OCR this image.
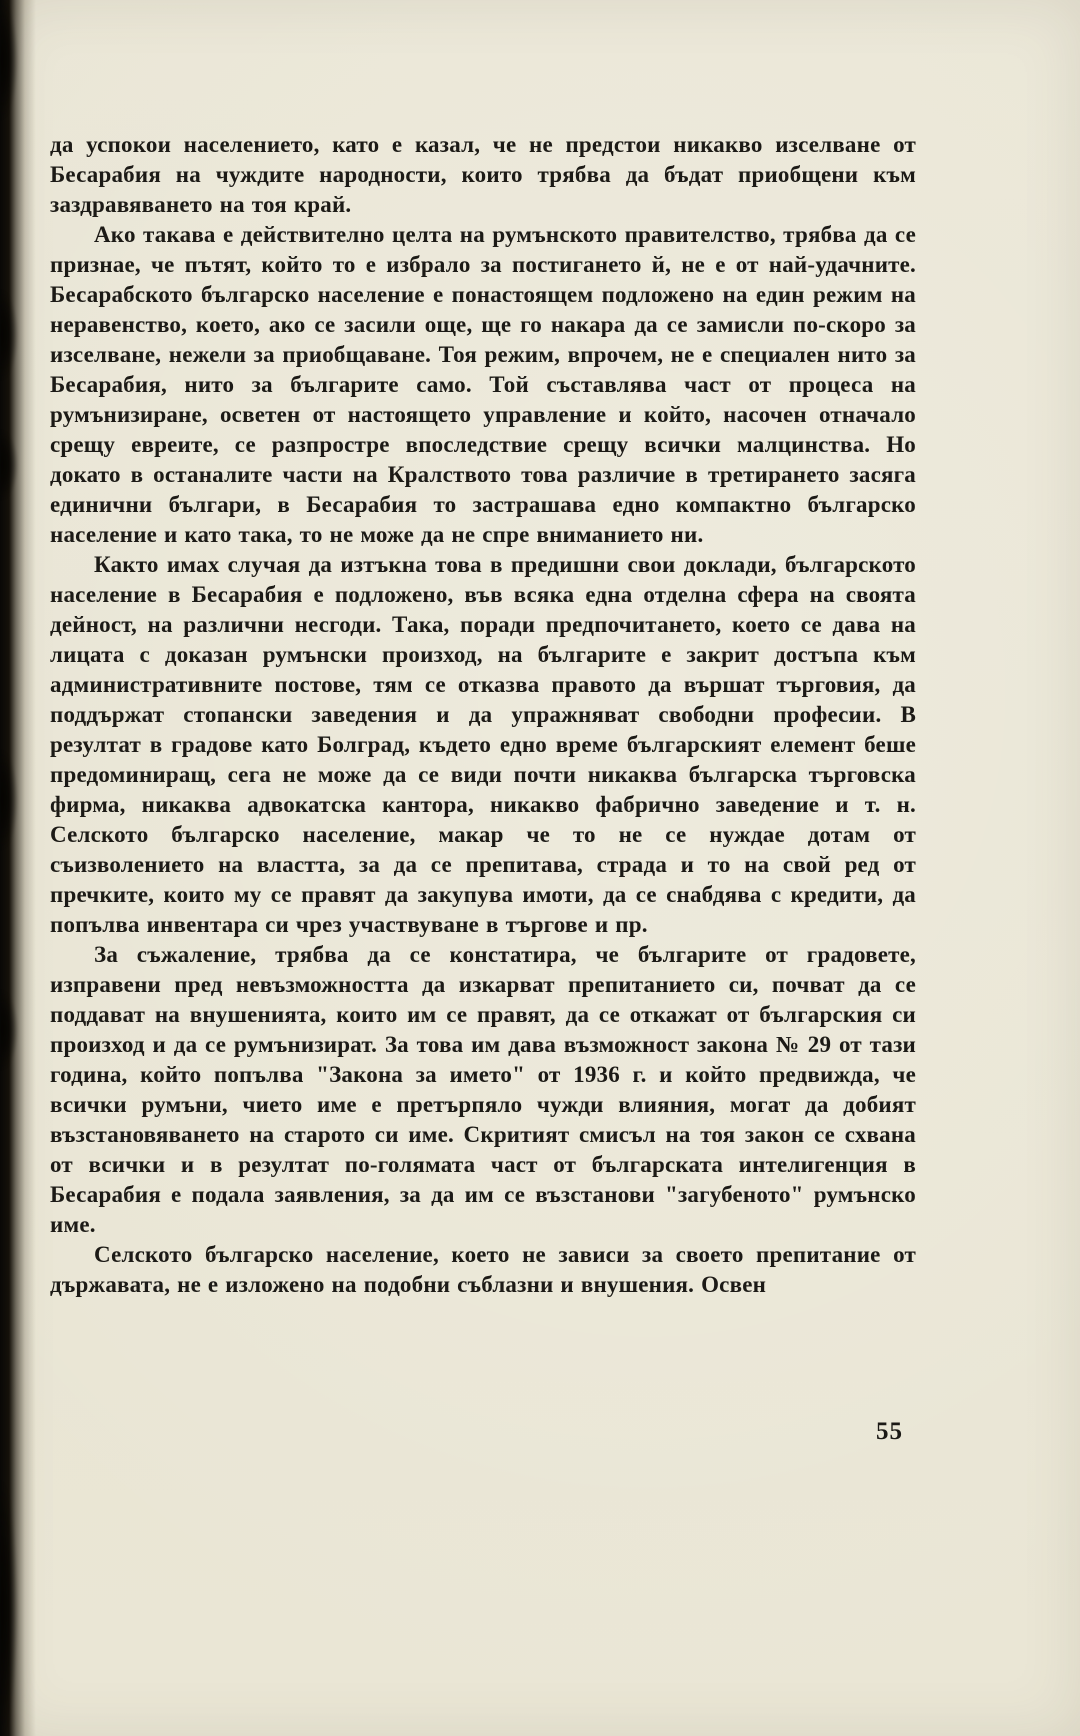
да успокои населението, като е казал, че не предстои никакво изселване от Бесарабия на чуждите народности, които трябва да бъдат приобщени към заздравяването на тоя край.

Ако такава е действително целта на румънското правителство, трябва да се признае, че пътят, който то е избрало за постигането й, не е от най-удачните. Бесарабското българско население е понастоящем подложено на един режим на неравенство, което, ако се засили още, ще го накара да се замисли по-скоро за изселване, нежели за приобщаване. Тоя режим, впрочем, не е специален нито за Бесарабия, нито за българите само. Той съставлява част от процеса на румънизиране, осветен от настоящето управление и който, насочен отначало срещу евреите, се разпростре впоследствие срещу всички малцинства. Но докато в останалите части на Кралството това различие в третирането засяга единични българи, в Бесарабия то застрашава едно компактно българско население и като така, то не може да не спре вниманието ни.

Както имах случая да изтъкна това в предишни свои доклади, българското население в Бесарабия е подложено, във всяка една отделна сфера на своята дейност, на различни несгоди. Така, поради предпочитането, което се дава на лицата с доказан румънски произход, на българите е закрит достъпа към административните постове, тям се отказва правото да вършат търговия, да поддържат стопански заведения и да упражняват свободни професии. В резултат в градове като Болград, където едно време българският елемент беше предоминиращ, сега не може да се види почти никаква българска търговска фирма, никаква адвокатска кантора, никакво фабрично заведение и т. н. Селското българско население, макар че то не се нуждае дотам от съизволението на властта, за да се препитава, страда и то на свой ред от пречките, които му се правят да закупува имоти, да се снабдява с кредити, да попълва инвентара си чрез участвуване в търгове и пр.

За съжаление, трябва да се констатира, че българите от градовете, изправени пред невъзможността да изкарват препитанието си, почват да се поддават на внушенията, които им се правят, да се откажат от българския си произход и да се румънизират. За това им дава възможност закона № 29 от тази година, който попълва "Закона за името" от 1936 г. и който предвижда, че всички румъни, чието име е претърпяло чужди влияния, могат да добият възстановяването на старото си име. Скритият смисъл на тоя закон се схвана от всички и в резултат по-голямата част от българската интелигенция в Бесарабия е подала заявления, за да им се възстанови "загубеното" румънско име.

Селското българско население, което не зависи за своето препитание от държавата, не е изложено на подобни съблазни и внушения. Освен

55
